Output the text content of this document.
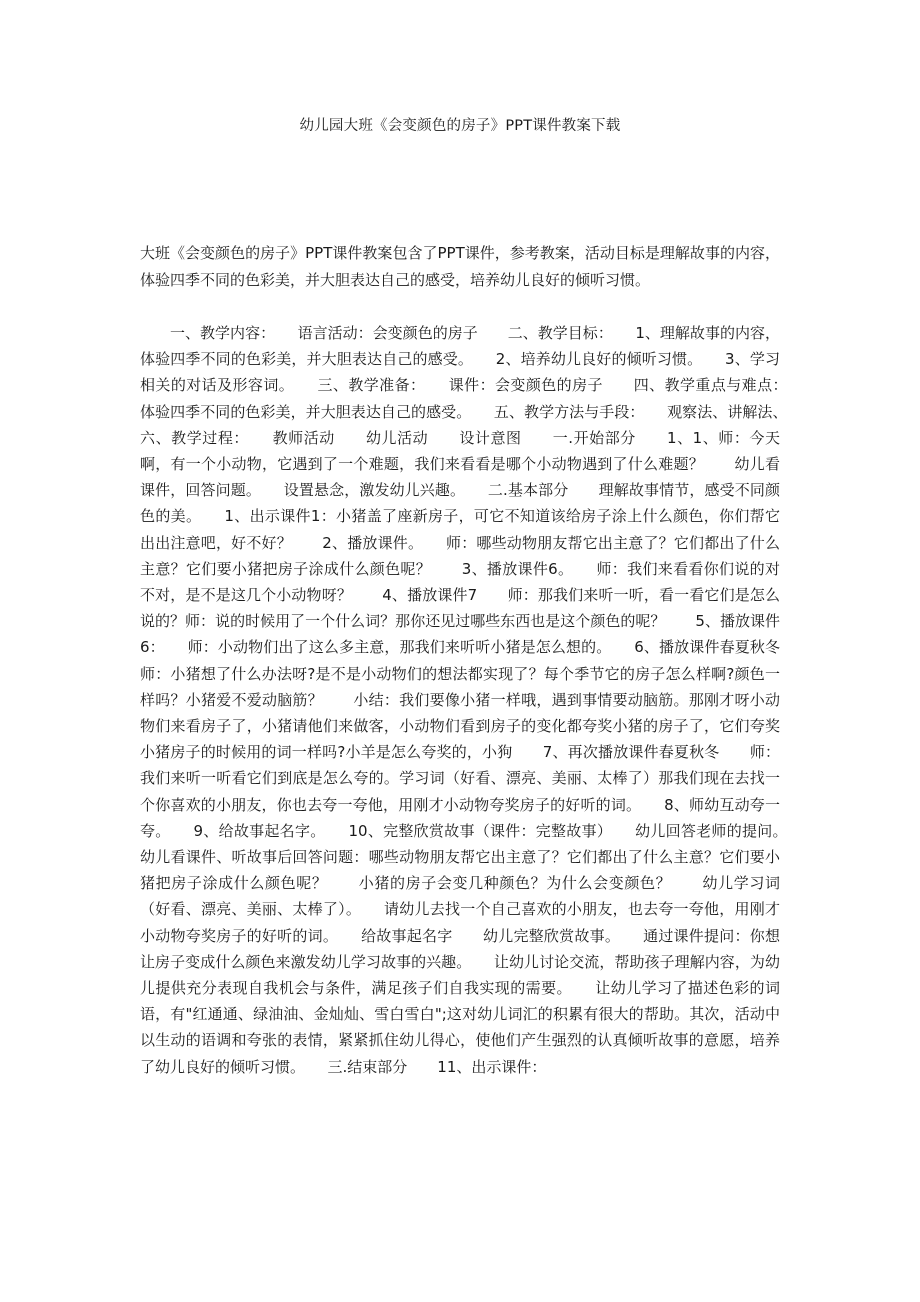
幼儿园大班《会变颜色的房子》PPT课件教案下载

大班《会变颜色的房子》PPT课件教案包含了PPT课件，参考教案，活动目标是理解故事的内容，体验四季不同的色彩美，并大胆表达自己的感受，培养幼儿良好的倾听习惯。

　　一、教学内容：　　语言活动：会变颜色的房子　　二、教学目标：　　1、理解故事的内容，体验四季不同的色彩美，并大胆表达自己的感受。　　2、培养幼儿良好的倾听习惯。　　3、学习相关的对话及形容词。　　三、教学准备：　　课件：会变颜色的房子　　四、教学重点与难点：　　体验四季不同的色彩美，并大胆表达自己的感受。　　五、教学方法与手段：　　观察法、讲解法、　　六、教学过程：　　教师活动　　幼儿活动　　设计意图　　一.开始部分　　1、1、师：今天啊，有一个小动物，它遇到了一个难题，我们来看看是哪个小动物遇到了什么难题？　　幼儿看课件，回答问题。　　设置悬念，激发幼儿兴趣。　　二.基本部分　　理解故事情节，感受不同颜色的美。　　1、出示课件1：小猪盖了座新房子，可它不知道该给房子涂上什么颜色，你们帮它出出注意吧，好不好？　　2、播放课件。　　师：哪些动物朋友帮它出主意了？它们都出了什么主意？它们要小猪把房子涂成什么颜色呢？　　3、播放课件6。　　师：我们来看看你们说的对不对，是不是这几个小动物呀？　　4、播放课件7　　师：那我们来听一听，看一看它们是怎么说的？师：说的时候用了一个什么词？那你还见过哪些东西也是这个颜色的呢？　　5、播放课件6：　　师：小动物们出了这么多主意，那我们来听听小猪是怎么想的。　　6、播放课件春夏秋冬　　师：小猪想了什么办法呀?是不是小动物们的想法都实现了？每个季节它的房子怎么样啊?颜色一样吗？小猪爱不爱动脑筋？　　小结：我们要像小猪一样哦，遇到事情要动脑筋。那刚才呀小动物们来看房子了，小猪请他们来做客，小动物们看到房子的变化都夸奖小猪的房子了，它们夸奖小猪房子的时候用的词一样吗?小羊是怎么夸奖的，小狗　　7、再次播放课件春夏秋冬　　师：我们来听一听看它们到底是怎么夸的。学习词（好看、漂亮、美丽、太棒了）那我们现在去找一个你喜欢的小朋友，你也去夸一夸他，用刚才小动物夸奖房子的好听的词。　　8、师幼互动夸一夸。　　9、给故事起名字。　　10、完整欣赏故事（课件：完整故事）　　幼儿回答老师的提问。　　幼儿看课件、听故事后回答问题：哪些动物朋友帮它出主意了？它们都出了什么主意？它们要小猪把房子涂成什么颜色呢？　　小猪的房子会变几种颜色？为什么会变颜色？　　幼儿学习词（好看、漂亮、美丽、太棒了）。　　请幼儿去找一个自己喜欢的小朋友，也去夸一夸他，用刚才小动物夸奖房子的好听的词。　　给故事起名字　　幼儿完整欣赏故事。　　通过课件提问：你想让房子变成什么颜色来激发幼儿学习故事的兴趣。　　让幼儿讨论交流，帮助孩子理解内容，为幼儿提供充分表现自我机会与条件，满足孩子们自我实现的需要。　　让幼儿学习了描述色彩的词语，有"红通通、绿油油、金灿灿、雪白雪白";这对幼儿词汇的积累有很大的帮助。其次，活动中以生动的语调和夸张的表情，紧紧抓住幼儿得心，使他们产生强烈的认真倾听故事的意愿，培养了幼儿良好的倾听习惯。　　三.结束部分　　11、出示课件：
